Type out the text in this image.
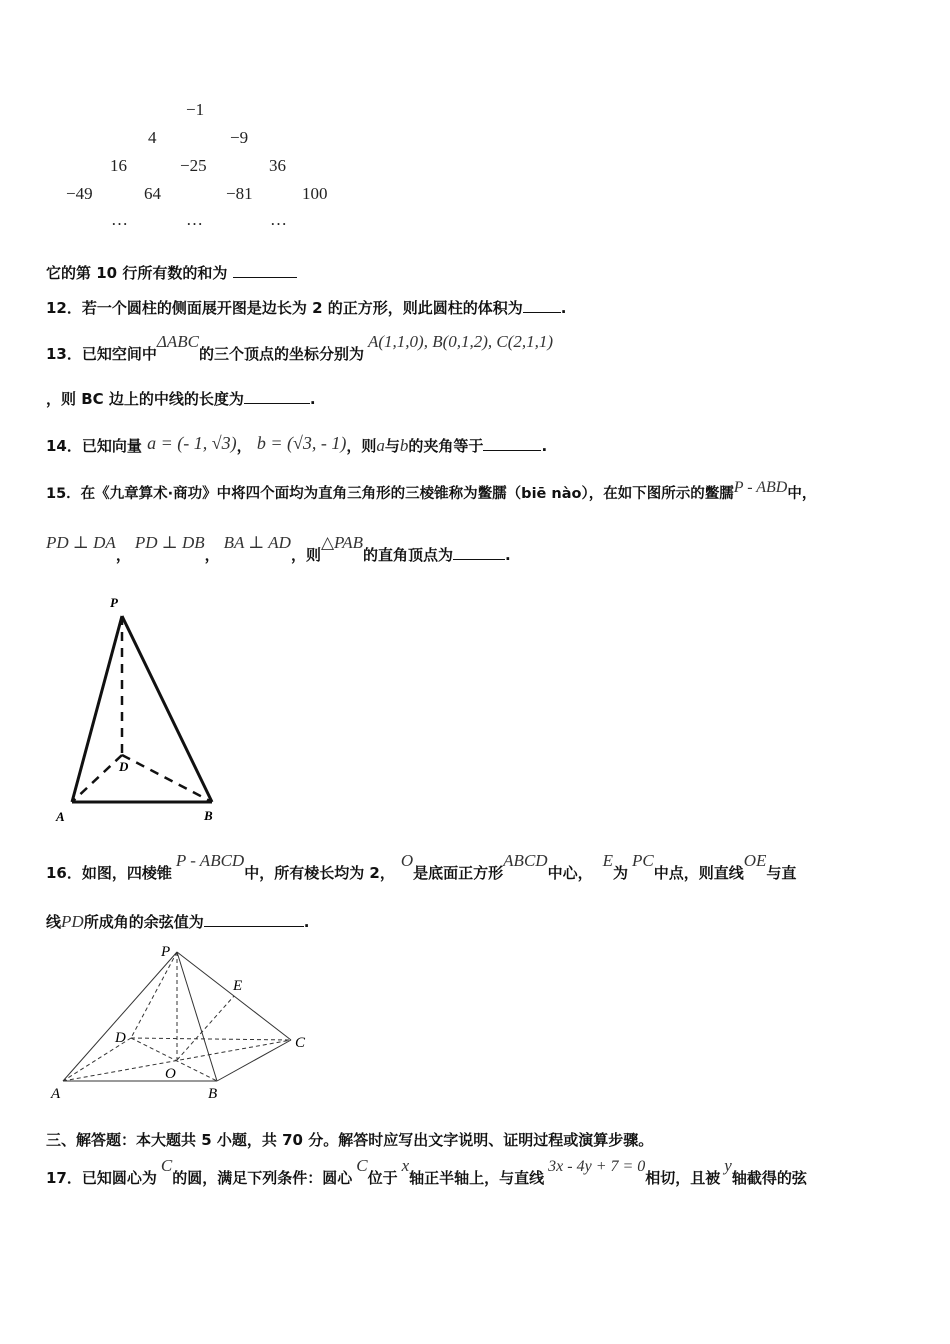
−1
4	−9
16	−25	36
−49	64	−81	100
…	…	…
它的第 10 行所有数的和为
12．若一个圆柱的侧面展开图是边长为 2 的正方形，则此圆柱的体积为	.
13．已知空间中ΔABC的三个顶点的坐标分别为A(1,1,0), B(0,1,2), C(2,1,1)
，则 BC 边上的中线的长度为	.
14．已知向量 a = (- 1, √3)， b = (√3, - 1)，则a与b的夹角等于	.
15．在《九章算术·商功》中将四个面均为直角三角形的三棱锥称为鳖臑（biē nào），在如下图所示的鳖臑P - ABD中，
PD ⊥ DA，PD ⊥ DB，BA ⊥ AD，则△PAB的直角顶点为	.
P
D
A	B
16．如图，四棱锥P - ABCD中，所有棱长均为 2，O是底面正方形ABCD中心，E为PC中点，则直线OE与直
线PD所成角的余弦值为	.
P
E
D	C
O
A	B
三、解答题：本大题共 5 小题，共 70 分。解答时应写出文字说明、证明过程或演算步骤。
17．已知圆心为C的圆，满足下列条件：圆心C位于x轴正半轴上，与直线3x - 4y + 7 = 0相切，且被y轴截得的弦
